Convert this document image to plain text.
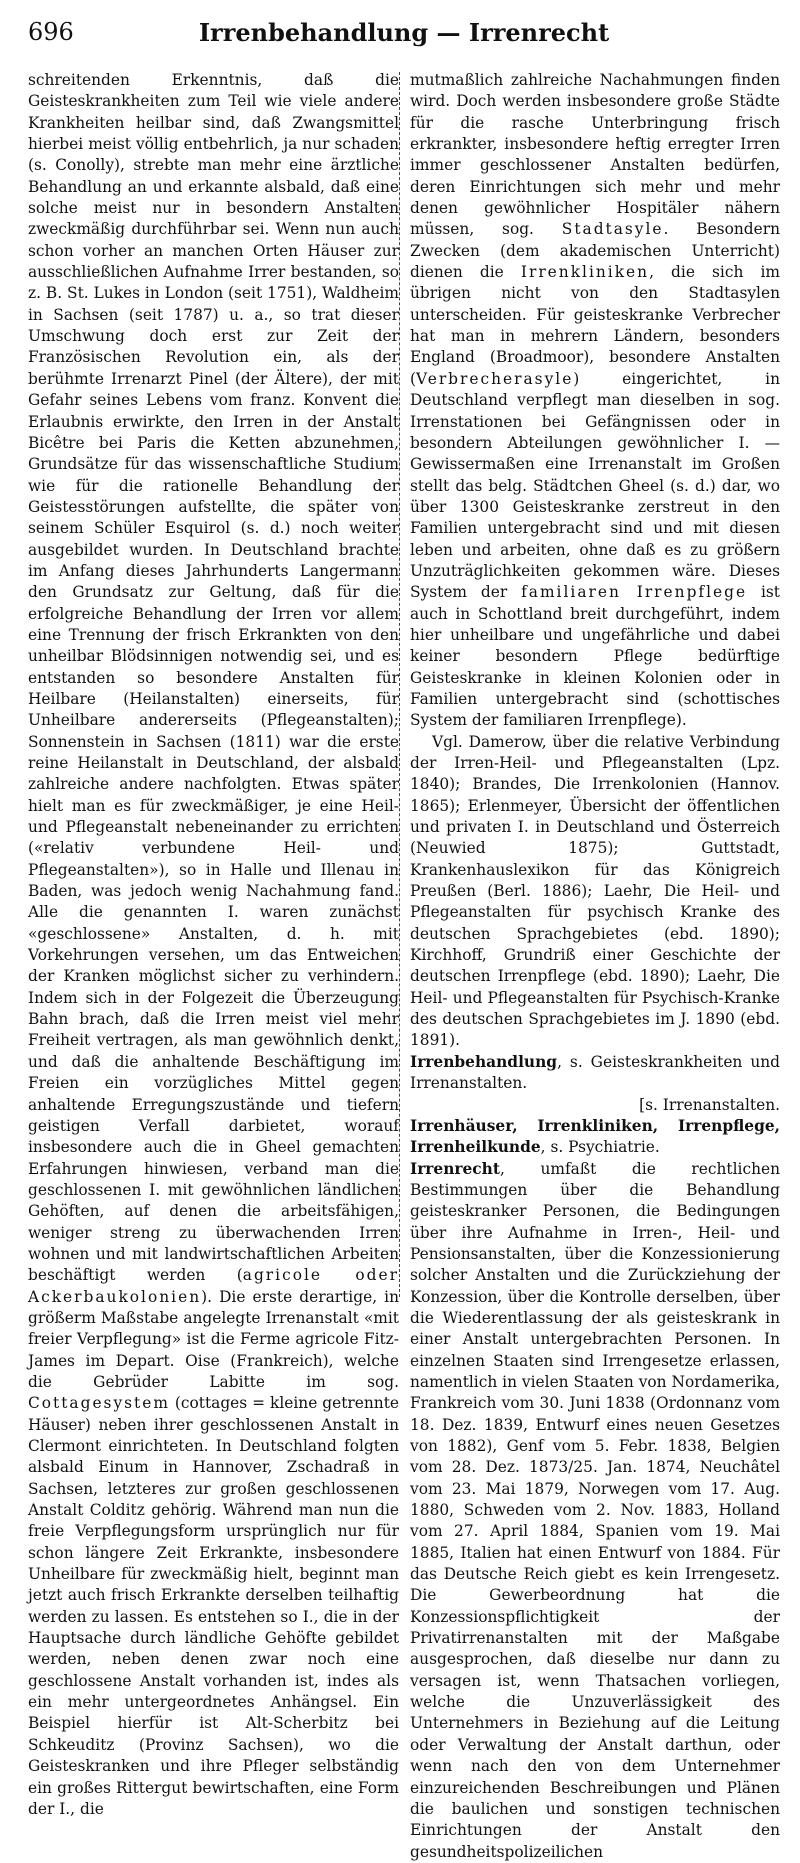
696	Irrenbehandlung — Irrenrecht

schreitenden Erkenntnis, daß die Geisteskrankheiten zum Teil wie viele andere Krankheiten heilbar sind, daß Zwangsmittel hierbei meist völlig entbehrlich, ja nur schaden (s. Conolly), strebte man mehr eine ärztliche Behandlung an und erkannte alsbald, daß eine solche meist nur in besondern Anstalten zweckmäßig durchführbar sei. Wenn nun auch schon vorher an manchen Orten Häuser zur ausschließlichen Aufnahme Irrer bestanden, so z. B. St. Lukes in London (seit 1751), Waldheim in Sachsen (seit 1787) u. a., so trat dieser Umschwung doch erst zur Zeit der Französischen Revolution ein, als der berühmte Irrenarzt Pinel (der Ältere), der mit Gefahr seines Lebens vom franz. Konvent die Erlaubnis erwirkte, den Irren in der Anstalt Bicêtre bei Paris die Ketten abzunehmen, Grundsätze für das wissenschaftliche Studium wie für die rationelle Behandlung der Geistesstörungen aufstellte, die später von seinem Schüler Esquirol (s. d.) noch weiter ausgebildet wurden. In Deutschland brachte im Anfang dieses Jahrhunderts Langermann den Grundsatz zur Geltung, daß für die erfolgreiche Behandlung der Irren vor allem eine Trennung der frisch Erkrankten von den unheilbar Blödsinnigen notwendig sei, und es entstanden so besondere Anstalten für Heilbare (Heilanstalten) einerseits, für Unheilbare andererseits (Pflegeanstalten); Sonnenstein in Sachsen (1811) war die erste reine Heilanstalt in Deutschland, der alsbald zahlreiche andere nachfolgten. Etwas später hielt man es für zweckmäßiger, je eine Heil- und Pflegeanstalt nebeneinander zu errichten («relativ verbundene Heil- und Pflegeanstalten»), so in Halle und Illenau in Baden, was jedoch wenig Nachahmung fand. Alle die genannten I. waren zunächst «geschlossene» Anstalten, d. h. mit Vorkehrungen versehen, um das Entweichen der Kranken möglichst sicher zu verhindern. Indem sich in der Folgezeit die Überzeugung Bahn brach, daß die Irren meist viel mehr Freiheit vertragen, als man gewöhnlich denkt, und daß die anhaltende Beschäftigung im Freien ein vorzügliches Mittel gegen anhaltende Erregungszustände und tiefern geistigen Verfall darbietet, worauf insbesondere auch die in Gheel gemachten Erfahrungen hinwiesen, verband man die geschlossenen I. mit gewöhnlichen ländlichen Gehöften, auf denen die arbeitsfähigen, weniger streng zu überwachenden Irren wohnen und mit landwirtschaftlichen Arbeiten beschäftigt werden (agricole oder Ackerbaukolonien). Die erste derartige, in größerm Maßstabe angelegte Irrenanstalt «mit freier Verpflegung» ist die Ferme agricole Fitz-James im Depart. Oise (Frankreich), welche die Gebrüder Labitte im sog. Cottagesystem (cottages = kleine getrennte Häuser) neben ihrer geschlossenen Anstalt in Clermont einrichteten. In Deutschland folgten alsbald Einum in Hannover, Zschadraß in Sachsen, letzteres zur großen geschlossenen Anstalt Colditz gehörig. Während man nun die freie Verpflegungsform ursprünglich nur für schon längere Zeit Erkrankte, insbesondere Unheilbare für zweckmäßig hielt, beginnt man jetzt auch frisch Erkrankte derselben teilhaftig werden zu lassen. Es entstehen so I., die in der Hauptsache durch ländliche Gehöfte gebildet werden, neben denen zwar noch eine geschlossene Anstalt vorhanden ist, indes als ein mehr untergeordnetes Anhängsel. Ein Beispiel hierfür ist Alt-Scherbitz bei Schkeuditz (Provinz Sachsen), wo die Geisteskranken und ihre Pfleger selbständig ein großes Rittergut bewirtschaften, eine Form der I., die

mutmaßlich zahlreiche Nachahmungen finden wird. Doch werden insbesondere große Städte für die rasche Unterbringung frisch erkrankter, insbesondere heftig erregter Irren immer geschlossener Anstalten bedürfen, deren Einrichtungen sich mehr und mehr denen gewöhnlicher Hospitäler nähern müssen, sog. Stadtasyle. Besondern Zwecken (dem akademischen Unterricht) dienen die Irrenkliniken, die sich im übrigen nicht von den Stadtasylen unterscheiden. Für geisteskranke Verbrecher hat man in mehrern Ländern, besonders England (Broadmoor), besondere Anstalten (Verbrecherasyle) eingerichtet, in Deutschland verpflegt man dieselben in sog. Irrenstationen bei Gefängnissen oder in besondern Abteilungen gewöhnlicher I. — Gewissermaßen eine Irrenanstalt im Großen stellt das belg. Städtchen Gheel (s. d.) dar, wo über 1300 Geisteskranke zerstreut in den Familien untergebracht sind und mit diesen leben und arbeiten, ohne daß es zu größern Unzuträglichkeiten gekommen wäre. Dieses System der familiaren Irrenpflege ist auch in Schottland breit durchgeführt, indem hier unheilbare und ungefährliche und dabei keiner besondern Pflege bedürftige Geisteskranke in kleinen Kolonien oder in Familien untergebracht sind (schottisches System der familiaren Irrenpflege).

Vgl. Damerow, über die relative Verbindung der Irren-Heil- und Pflegeanstalten (Lpz. 1840); Brandes, Die Irrenkolonien (Hannov. 1865); Erlenmeyer, Übersicht der öffentlichen und privaten I. in Deutschland und Österreich (Neuwied 1875); Guttstadt, Krankenhauslexikon für das Königreich Preußen (Berl. 1886); Laehr, Die Heil- und Pflegeanstalten für psychisch Kranke des deutschen Sprachgebietes (ebd. 1890); Kirchhoff, Grundriß einer Geschichte der deutschen Irrenpflege (ebd. 1890); Laehr, Die Heil- und Pflegeanstalten für Psychisch-Kranke des deutschen Sprachgebietes im J. 1890 (ebd. 1891).

Irrenbehandlung, s. Geisteskrankheiten und Irrenanstalten.
[s. Irrenanstalten.

Irrenhäuser, Irrenkliniken, Irrenpflege, Irrenheilkunde, s. Psychiatrie.

Irrenrecht, umfaßt die rechtlichen Bestimmungen über die Behandlung geisteskranker Personen, die Bedingungen über ihre Aufnahme in Irren-, Heil- und Pensionsanstalten, über die Konzessionierung solcher Anstalten und die Zurückziehung der Konzession, über die Kontrolle derselben, über die Wiederentlassung der als geisteskrank in einer Anstalt untergebrachten Personen. In einzelnen Staaten sind Irrengesetze erlassen, namentlich in vielen Staaten von Nordamerika, Frankreich vom 30. Juni 1838 (Ordonnanz vom 18. Dez. 1839, Entwurf eines neuen Gesetzes von 1882), Genf vom 5. Febr. 1838, Belgien vom 28. Dez. 1873/25. Jan. 1874, Neuchâtel vom 23. Mai 1879, Norwegen vom 17. Aug. 1880, Schweden vom 2. Nov. 1883, Holland vom 27. April 1884, Spanien vom 19. Mai 1885, Italien hat einen Entwurf von 1884. Für das Deutsche Reich giebt es kein Irrengesetz. Die Gewerbeordnung hat die Konzessionspflichtigkeit der Privatirrenanstalten mit der Maßgabe ausgesprochen, daß dieselbe nur dann zu versagen ist, wenn Thatsachen vorliegen, welche die Unzuverlässigkeit des Unternehmers in Beziehung auf die Leitung oder Verwaltung der Anstalt darthun, oder wenn nach den von dem Unternehmer einzureichenden Beschreibungen und Plänen die baulichen und sonstigen technischen Einrichtungen der Anstalt den gesundheitspolizeilichen
